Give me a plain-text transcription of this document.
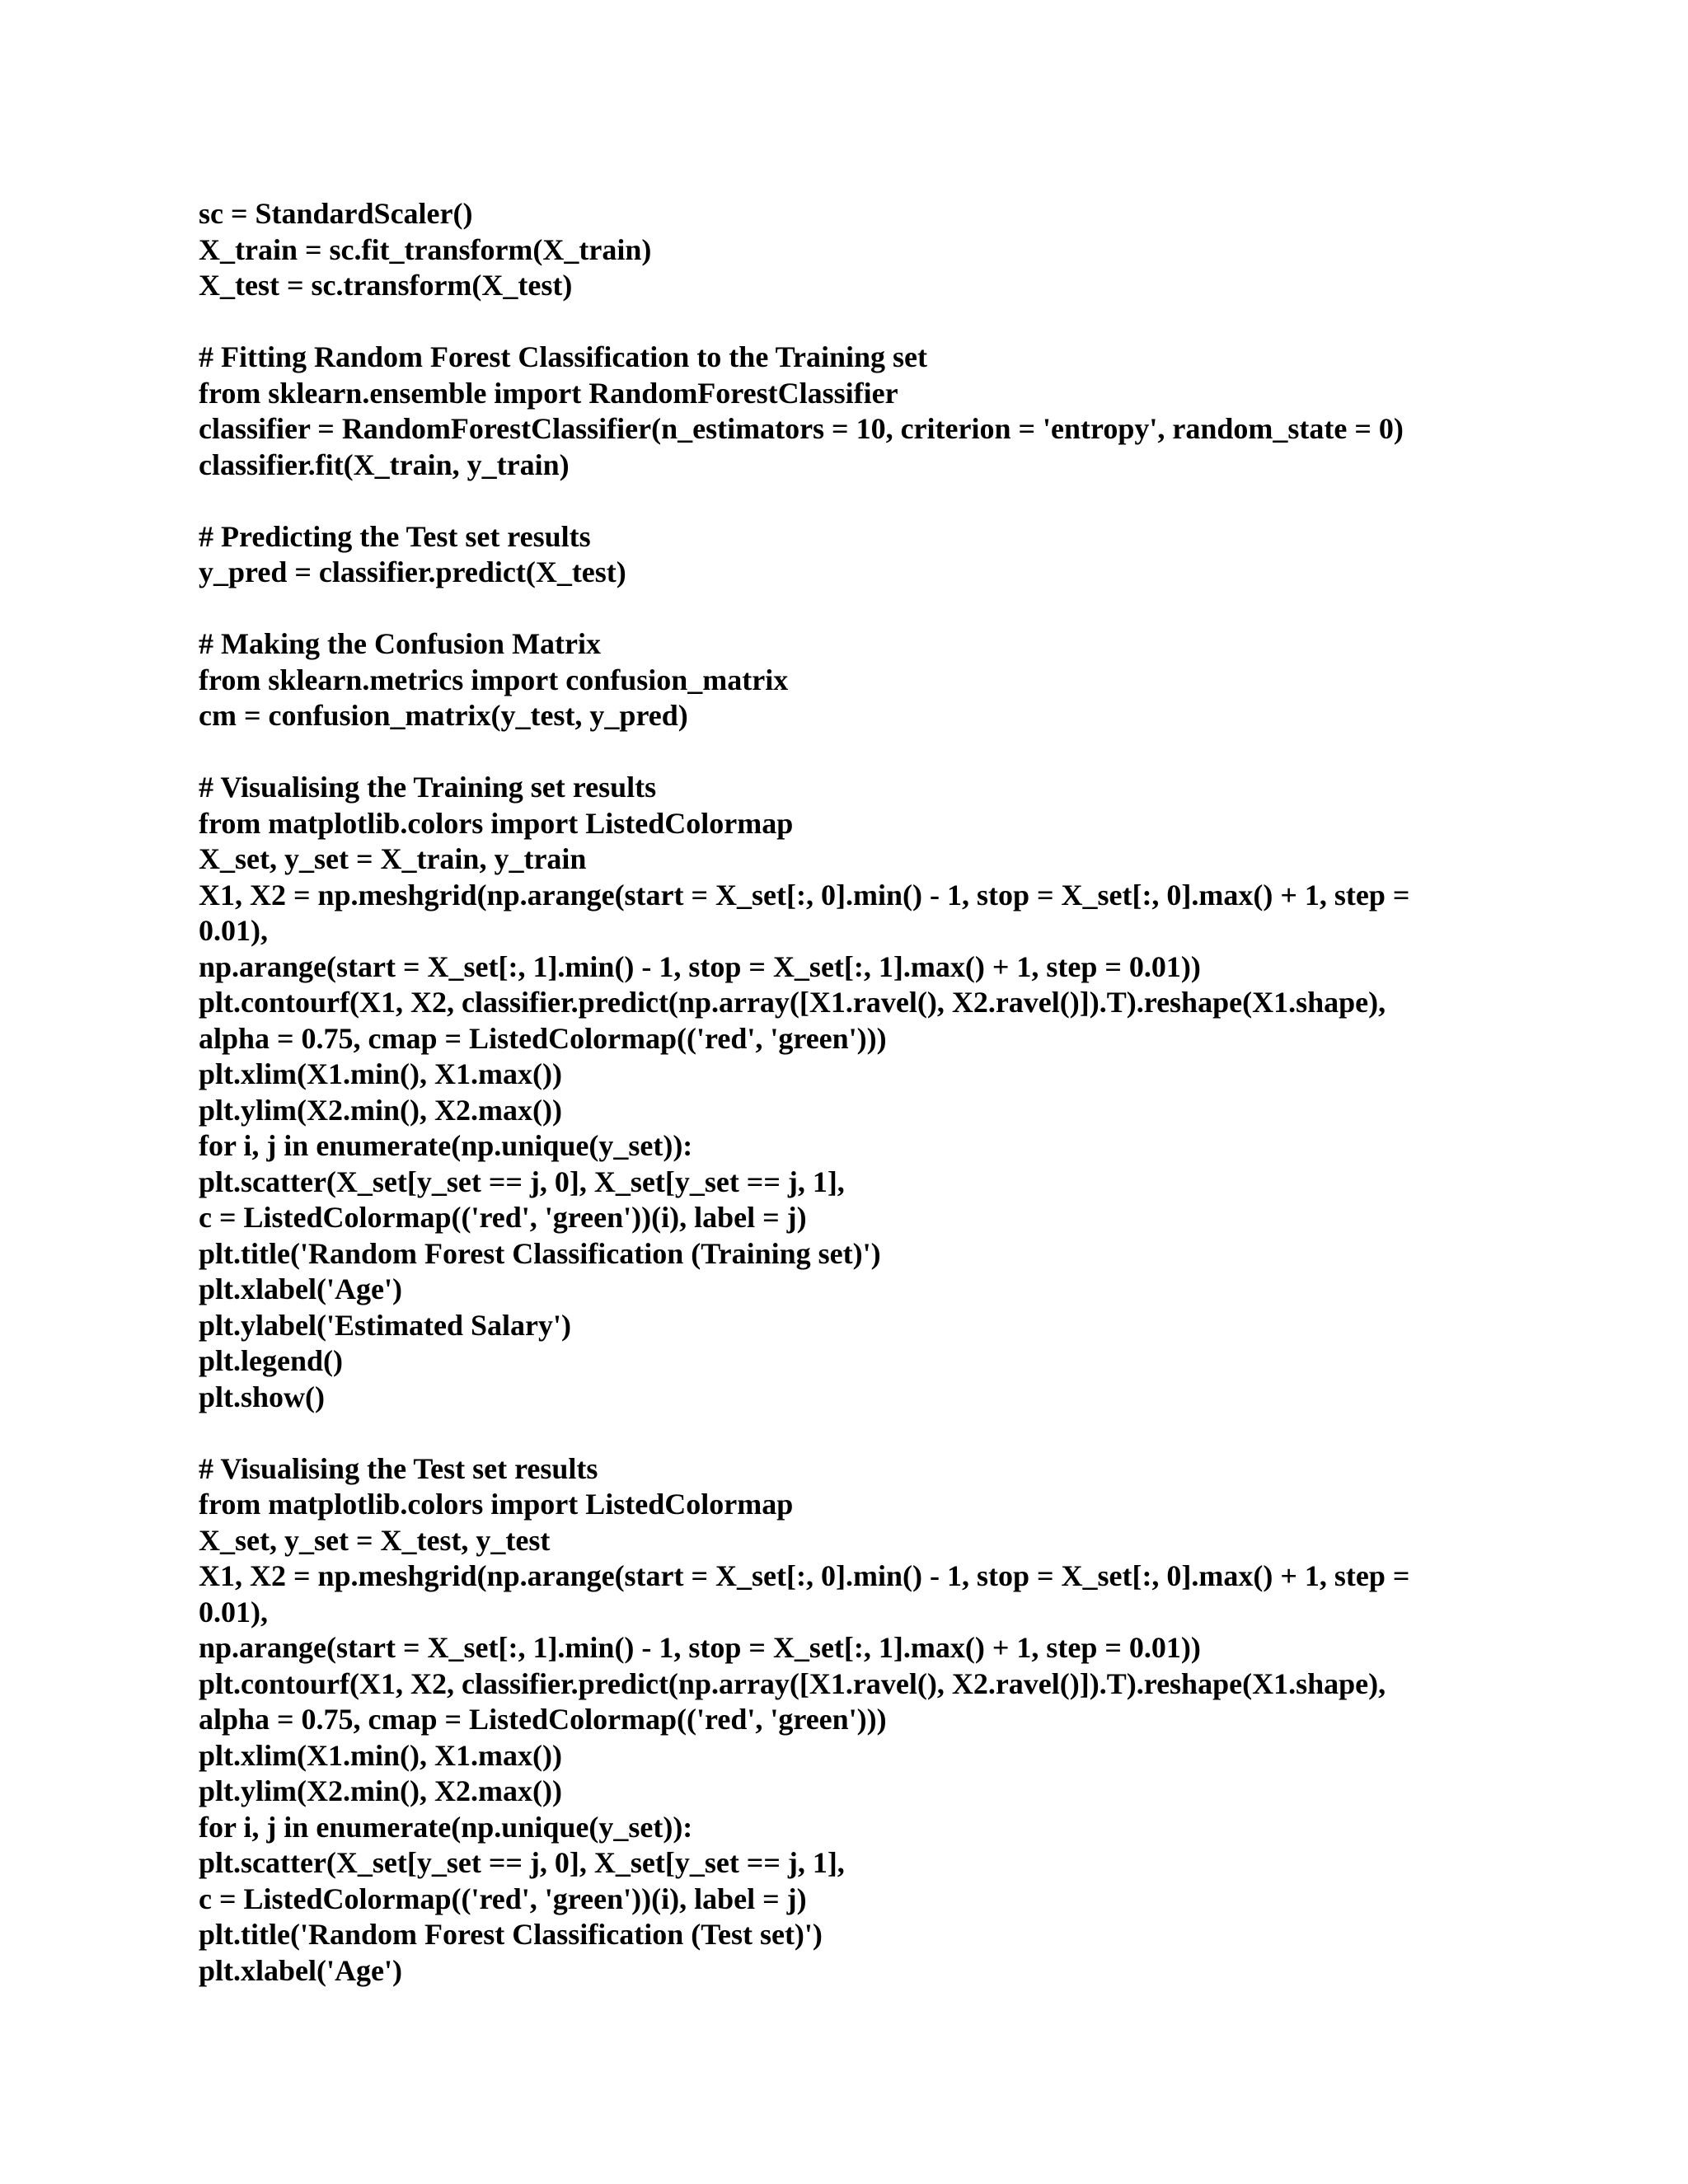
sc = StandardScaler()
X_train = sc.fit_transform(X_train)
X_test = sc.transform(X_test)
# Fitting Random Forest Classification to the Training set
from sklearn.ensemble import RandomForestClassifier
classifier = RandomForestClassifier(n_estimators = 10, criterion = 'entropy', random_state = 0)
classifier.fit(X_train, y_train)
# Predicting the Test set results
y_pred = classifier.predict(X_test)
# Making the Confusion Matrix
from sklearn.metrics import confusion_matrix
cm = confusion_matrix(y_test, y_pred)
# Visualising the Training set results
from matplotlib.colors import ListedColormap
X_set, y_set = X_train, y_train
X1, X2 = np.meshgrid(np.arange(start = X_set[:, 0].min() - 1, stop = X_set[:, 0].max() + 1, step =
0.01),
np.arange(start = X_set[:, 1].min() - 1, stop = X_set[:, 1].max() + 1, step = 0.01))
plt.contourf(X1, X2, classifier.predict(np.array([X1.ravel(), X2.ravel()]).T).reshape(X1.shape),
alpha = 0.75, cmap = ListedColormap(('red', 'green')))
plt.xlim(X1.min(), X1.max())
plt.ylim(X2.min(), X2.max())
for i, j in enumerate(np.unique(y_set)):
plt.scatter(X_set[y_set == j, 0], X_set[y_set == j, 1],
c = ListedColormap(('red', 'green'))(i), label = j)
plt.title('Random Forest Classification (Training set)')
plt.xlabel('Age')
plt.ylabel('Estimated Salary')
plt.legend()
plt.show()
# Visualising the Test set results
from matplotlib.colors import ListedColormap
X_set, y_set = X_test, y_test
X1, X2 = np.meshgrid(np.arange(start = X_set[:, 0].min() - 1, stop = X_set[:, 0].max() + 1, step =
0.01),
np.arange(start = X_set[:, 1].min() - 1, stop = X_set[:, 1].max() + 1, step = 0.01))
plt.contourf(X1, X2, classifier.predict(np.array([X1.ravel(), X2.ravel()]).T).reshape(X1.shape),
alpha = 0.75, cmap = ListedColormap(('red', 'green')))
plt.xlim(X1.min(), X1.max())
plt.ylim(X2.min(), X2.max())
for i, j in enumerate(np.unique(y_set)):
plt.scatter(X_set[y_set == j, 0], X_set[y_set == j, 1],
c = ListedColormap(('red', 'green'))(i), label = j)
plt.title('Random Forest Classification (Test set)')
plt.xlabel('Age')
